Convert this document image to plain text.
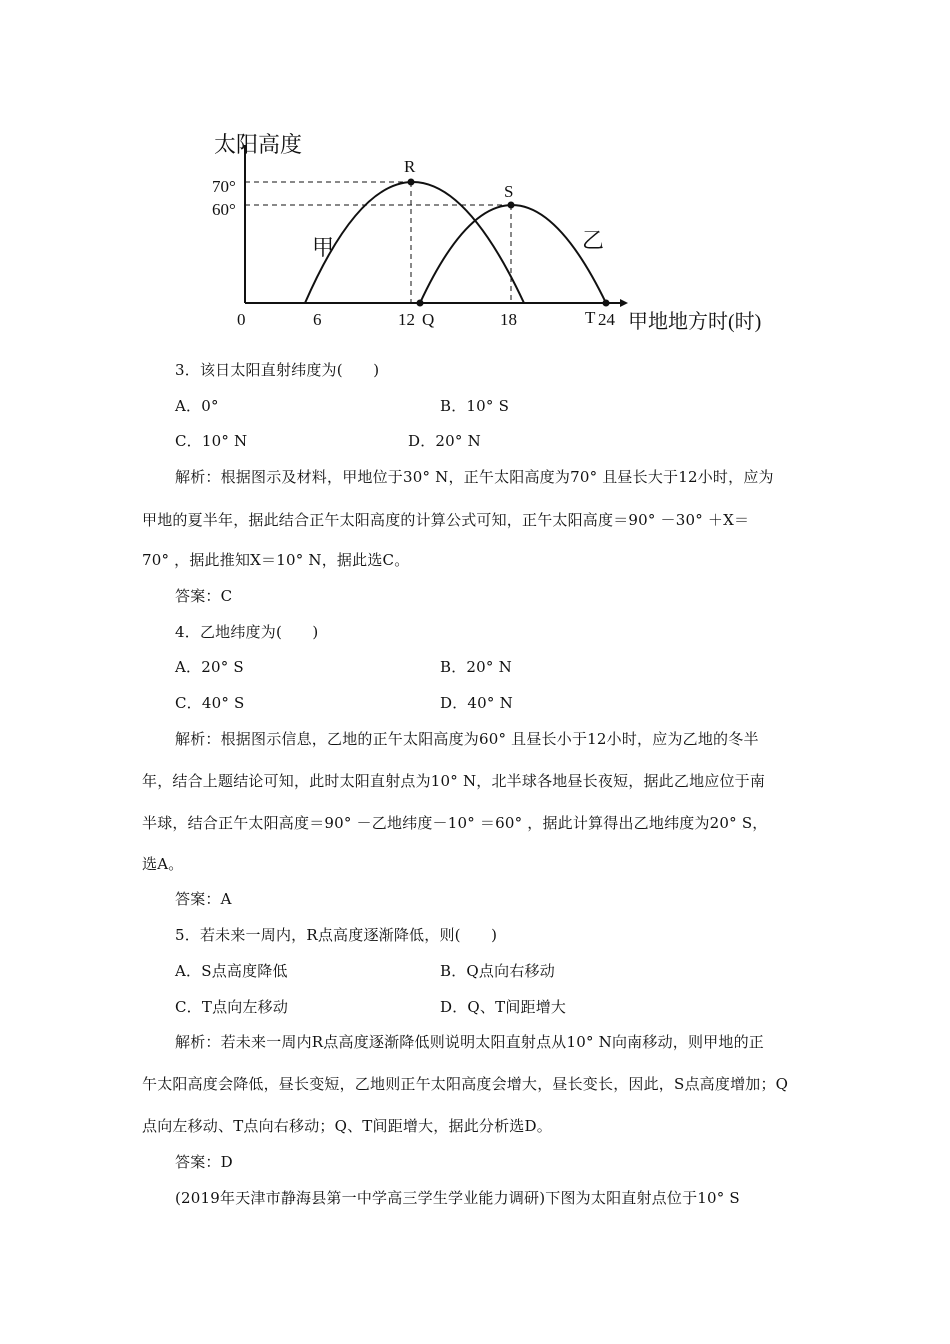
太阳高度
70°
60°
0	6	12	18	24 甲地地方时(时)
甲	乙
R
S
Q	T
3．该日太阳直射纬度为(　　)
A．0°	B．10° S
C．10° N	D．20° N
解析：根据图示及材料，甲地位于30° N，正午太阳高度为70° 且昼长大于12小时，应为
甲地的夏半年，据此结合正午太阳高度的计算公式可知，正午太阳高度＝90° －30° ＋X＝
70° ，据此推知X＝10° N，据此选C。
答案：C
4．乙地纬度为(　　)
A．20° S	B．20° N
C．40° S	D．40° N
解析：根据图示信息，乙地的正午太阳高度为60° 且昼长小于12小时，应为乙地的冬半
年，结合上题结论可知，此时太阳直射点为10° N，北半球各地昼长夜短，据此乙地应位于南
半球，结合正午太阳高度＝90° －乙地纬度－10° ＝60° ，据此计算得出乙地纬度为20° S，
选A。
答案：A
5．若未来一周内，R点高度逐渐降低，则(　　)
A．S点高度降低	B．Q点向右移动
C．T点向左移动	D．Q、T间距增大
解析：若未来一周内R点高度逐渐降低则说明太阳直射点从10° N向南移动，则甲地的正
午太阳高度会降低，昼长变短，乙地则正午太阳高度会增大，昼长变长，因此，S点高度增加；Q
点向左移动、T点向右移动；Q、T间距增大，据此分析选D。
答案：D
(2019年天津市静海县第一中学高三学生学业能力调研)下图为太阳直射点位于10° S
